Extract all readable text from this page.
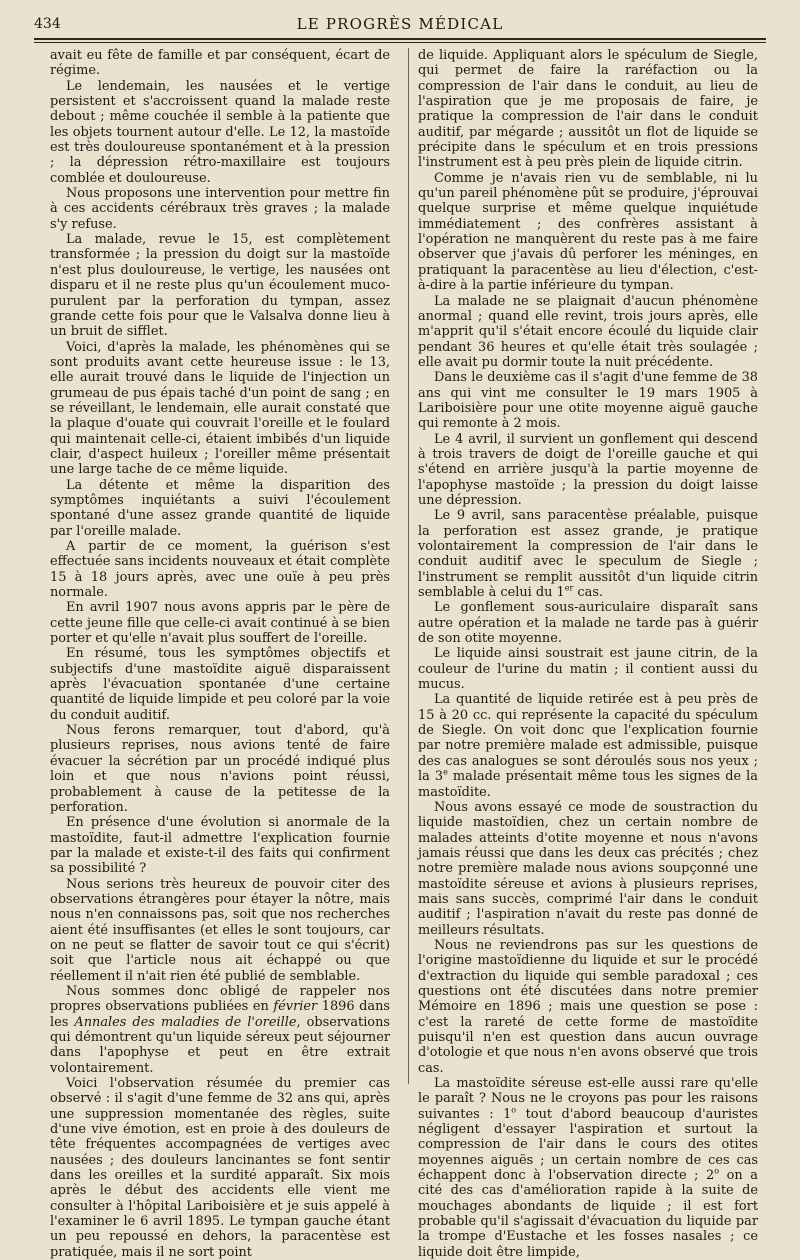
434	LE PROGRÈS MÉDICAL

avait eu fête de famille et par conséquent, écart de régime.

Le lendemain, les nausées et le vertige persistent et s'accroissent quand la malade reste debout ; même couchée il semble à la patiente que les objets tournent autour d'elle. Le 12, la mastoïde est très douloureuse spontanément et à la pression ; la dépression rétro-maxillaire est toujours comblée et douloureuse.

Nous proposons une intervention pour mettre fin à ces accidents cérébraux très graves ; la malade s'y refuse.

La malade, revue le 15, est complètement transformée ; la pression du doigt sur la mastoïde n'est plus douloureuse, le vertige, les nausées ont disparu et il ne reste plus qu'un écoulement muco-purulent par la perforation du tympan, assez grande cette fois pour que le Valsalva donne lieu à un bruit de sifflet.

Voici, d'après la malade, les phénomènes qui se sont produits avant cette heureuse issue : le 13, elle aurait trouvé dans le liquide de l'injection un grumeau de pus épais taché d'un point de sang ; en se réveillant, le lendemain, elle aurait constaté que la plaque d'ouate qui couvrait l'oreille et le foulard qui maintenait celle-ci, étaient imbibés d'un liquide clair, d'aspect huileux ; l'oreiller même présentait une large tache de ce même liquide.

La détente et même la disparition des symptômes inquiétants a suivi l'écoulement spontané d'une assez grande quantité de liquide par l'oreille malade.

A partir de ce moment, la guérison s'est effectuée sans incidents nouveaux et était complète 15 à 18 jours après, avec une ouïe à peu près normale.

En avril 1907 nous avons appris par le père de cette jeune fille que celle-ci avait continué à se bien porter et qu'elle n'avait plus souffert de l'oreille.

En résumé, tous les symptômes objectifs et subjectifs d'une mastoïdite aiguë disparaissent après l'évacuation spontanée d'une certaine quantité de liquide limpide et peu coloré par la voie du conduit auditif.

Nous ferons remarquer, tout d'abord, qu'à plusieurs reprises, nous avions tenté de faire évacuer la sécrétion par un procédé indiqué plus loin et que nous n'avions point réussi, probablement à cause de la petitesse de la perforation.

En présence d'une évolution si anormale de la mastoïdite, faut-il admettre l'explication fournie par la malade et existe-t-il des faits qui confirment sa possibilité ?

Nous serions très heureux de pouvoir citer des observations étrangères pour étayer la nôtre, mais nous n'en connaissons pas, soit que nos recherches aient été insuffisantes (et elles le sont toujours, car on ne peut se flatter de savoir tout ce qui s'écrit) soit que l'article nous ait échappé ou que réellement il n'ait rien été publié de semblable.

Nous sommes donc obligé de rappeler nos propres observations publiées en février 1896 dans les Annales des maladies de l'oreille, observations qui démontrent qu'un liquide séreux peut séjourner dans l'apophyse et peut en être extrait volontairement.

Voici l'observation résumée du premier cas observé : il s'agit d'une femme de 32 ans qui, après une suppression momentanée des règles, suite d'une vive émotion, est en proie à des douleurs de tête fréquentes accompagnées de vertiges avec nausées ; des douleurs lancinantes se font sentir dans les oreilles et la surdité apparaît. Six mois après le début des accidents elle vient me consulter à l'hôpital Lariboisière et je suis appelé à l'examiner le 6 avril 1895. Le tympan gauche étant un peu repoussé en dehors, la paracentèse est pratiquée, mais il ne sort point

de liquide. Appliquant alors le spéculum de Siegle, qui permet de faire la raréfaction ou la compression de l'air dans le conduit, au lieu de l'aspiration que je me proposais de faire, je pratique la compression de l'air dans le conduit auditif, par mégarde ; aussitôt un flot de liquide se précipite dans le spéculum et en trois pressions l'instrument est à peu près plein de liquide citrin.

Comme je n'avais rien vu de semblable, ni lu qu'un pareil phénomène pût se produire, j'éprouvai quelque surprise et même quelque inquiétude immédiatement ; des confrères assistant à l'opération ne manquèrent du reste pas à me faire observer que j'avais dû perforer les méninges, en pratiquant la paracentèse au lieu d'élection, c'est-à-dire à la partie inférieure du tympan.

La malade ne se plaignait d'aucun phénomène anormal ; quand elle revint, trois jours après, elle m'apprit qu'il s'était encore écoulé du liquide clair pendant 36 heures et qu'elle était très soulagée ; elle avait pu dormir toute la nuit précédente.

Dans le deuxième cas il s'agit d'une femme de 38 ans qui vint me consulter le 19 mars 1905 à Lariboisière pour une otite moyenne aiguë gauche qui remonte à 2 mois.

Le 4 avril, il survient un gonflement qui descend à trois travers de doigt de l'oreille gauche et qui s'étend en arrière jusqu'à la partie moyenne de l'apophyse mastoïde ; la pression du doigt laisse une dépression.

Le 9 avril, sans paracentèse préalable, puisque la perforation est assez grande, je pratique volontairement la compression de l'air dans le conduit auditif avec le speculum de Siegle ; l'instrument se remplit aussitôt d'un liquide citrin semblable à celui du 1er cas.

Le gonflement sous-auriculaire disparaît sans autre opération et la malade ne tarde pas à guérir de son otite moyenne.

Le liquide ainsi soustrait est jaune citrin, de la couleur de l'urine du matin ; il contient aussi du mucus.

La quantité de liquide retirée est à peu près de 15 à 20 cc. qui représente la capacité du spéculum de Siegle. On voit donc que l'explication fournie par notre première malade est admissible, puisque des cas analogues se sont déroulés sous nos yeux ; la 3e malade présentait même tous les signes de la mastoïdite.

Nous avons essayé ce mode de soustraction du liquide mastoïdien, chez un certain nombre de malades atteints d'otite moyenne et nous n'avons jamais réussi que dans les deux cas précités ; chez notre première malade nous avions soupçonné une mastoïdite séreuse et avions à plusieurs reprises, mais sans succès, comprimé l'air dans le conduit auditif ; l'aspiration n'avait du reste pas donné de meilleurs résultats.

Nous ne reviendrons pas sur les questions de l'origine mastoïdienne du liquide et sur le procédé d'extraction du liquide qui semble paradoxal ; ces questions ont été discutées dans notre premier Mémoire en 1896 ; mais une question se pose : c'est la rareté de cette forme de mastoïdite puisqu'il n'en est question dans aucun ouvrage d'otologie et que nous n'en avons observé que trois cas.

La mastoïdite séreuse est-elle aussi rare qu'elle le paraît ? Nous ne le croyons pas pour les raisons suivantes : 1$^o$ tout d'abord beaucoup d'auristes négligent d'essayer l'aspiration et surtout la compression de l'air dans le cours des otites moyennes aiguës ; un certain nombre de ces cas échappent donc à l'observation directe ; 2$^o$ on a cité des cas d'amélioration rapide à la suite de mouchages abondants de liquide ; il est fort probable qu'il s'agissait d'évacuation du liquide par la trompe d'Eustache et les fosses nasales ; ce liquide doit être limpide,
